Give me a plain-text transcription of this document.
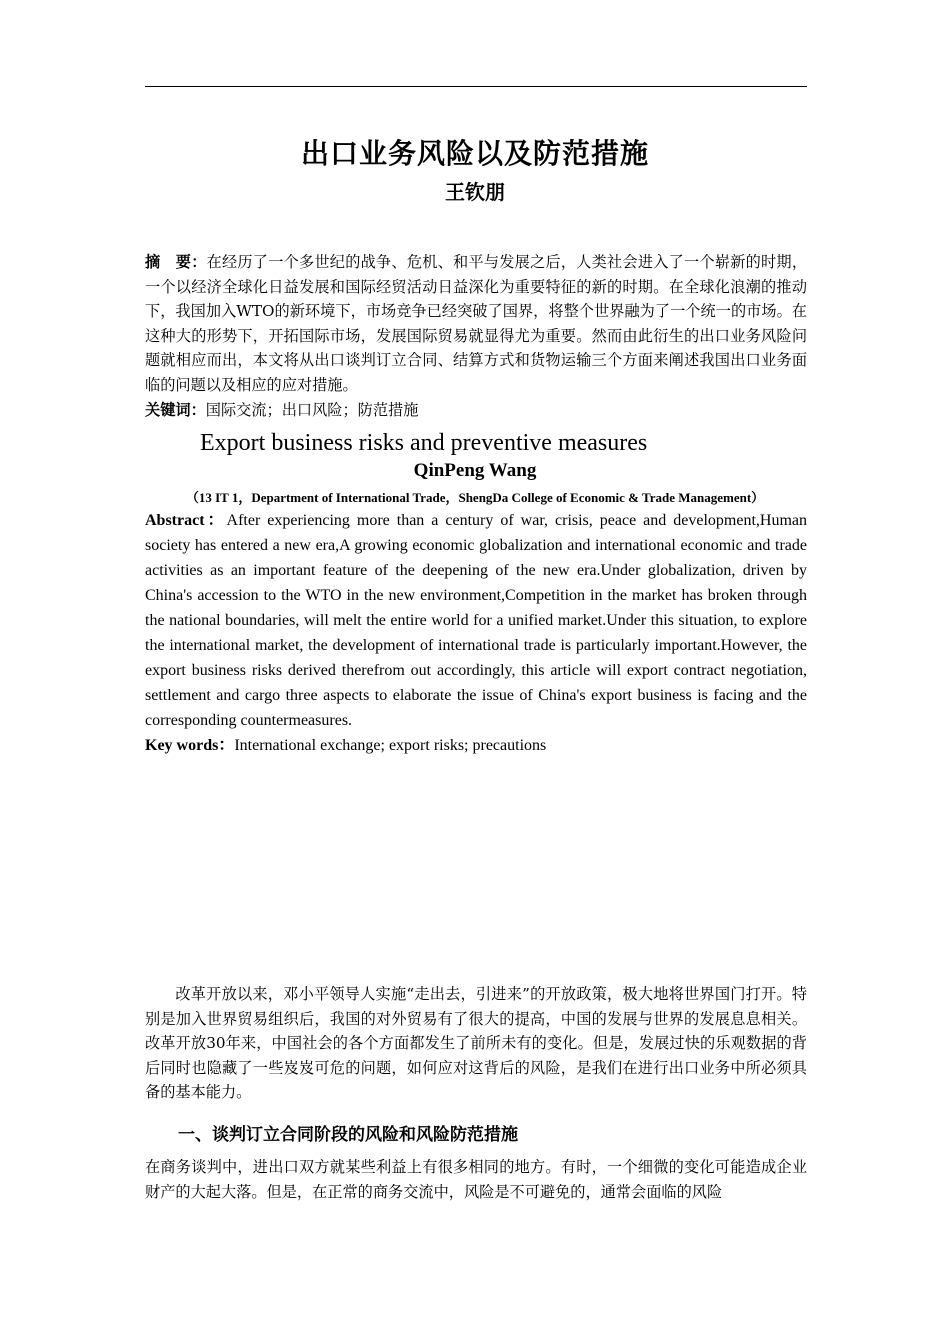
出口业务风险以及防范措施
王钦朋
摘　要：在经历了一个多世纪的战争、危机、和平与发展之后，人类社会进入了一个崭新的时期，一个以经济全球化日益发展和国际经贸活动日益深化为重要特征的新的时期。在全球化浪潮的推动下，我国加入WTO的新环境下，市场竞争已经突破了国界，将整个世界融为了一个统一的市场。在这种大的形势下，开拓国际市场，发展国际贸易就显得尤为重要。然而由此衍生的出口业务风险问题就相应而出，本文将从出口谈判订立合同、结算方式和货物运输三个方面来阐述我国出口业务面临的问题以及相应的应对措施。
关键词：国际交流；出口风险；防范措施
Export business risks and preventive measures
QinPeng Wang
（13 IT 1，Department of International Trade，ShengDa College of Economic & Trade Management）
Abstract：After experiencing more than a century of war, crisis, peace and development,Human society has entered a new era,A growing economic globalization and international economic and trade activities as an important feature of the deepening of the new era.Under globalization, driven by China's accession to the WTO in the new environment,Competition in the market has broken through the national boundaries, will melt the entire world for a unified market.Under this situation, to explore the international market, the development of international trade is particularly important.However, the export business risks derived therefrom out accordingly, this article will export contract negotiation, settlement and cargo three aspects to elaborate the issue of China's export business is facing and the corresponding countermeasures.
Key words：International exchange; export risks; precautions
改革开放以来，邓小平领导人实施“走出去，引进来”的开放政策，极大地将世界国门打开。特别是加入世界贸易组织后，我国的对外贸易有了很大的提高，中国的发展与世界的发展息息相关。改革开放30年来，中国社会的各个方面都发生了前所未有的变化。但是，发展过快的乐观数据的背后同时也隐藏了一些岌岌可危的问题，如何应对这背后的风险，是我们在进行出口业务中所必须具备的基本能力。
一、谈判订立合同阶段的风险和风险防范措施
在商务谈判中，进出口双方就某些利益上有很多相同的地方。有时，一个细微的变化可能造成企业财产的大起大落。但是，在正常的商务交流中，风险是不可避免的，通常会面临的风险
